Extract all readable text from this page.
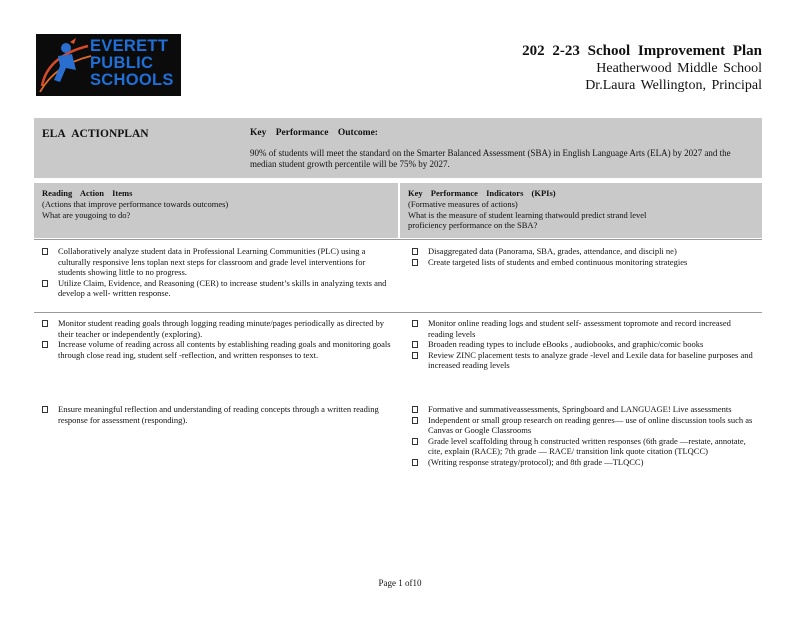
EVERETT
PUBLIC
SCHOOLS
202 2-23 School Improvement Plan
Heatherwood Middle School
Dr.Laura Wellington, Principal
ELA ACTIONPLAN	Key Performance Outcome:
90% of students will meet the standard on the Smarter Balanced Assessment (SBA) in English Language Arts (ELA) by 2027 and the median student growth percentile will be 75% by 2027.
Reading Action Items
(Actions that improve performance towards outcomes)
What are yougoing to do?
Key Performance Indicators (KPIs)
(Formative measures of actions)
What is the measure of student learning thatwould predict strand level
proficiency performance on the SBA?
Collaboratively analyze student data in Professional Learning Communities (PLC) using a culturally responsive lens toplan next steps for classroom and grade level interventions for students showing little to no progress.
Utilize Claim, Evidence, and Reasoning (CER) to increase student’s skills in analyzing texts and develop a well- written response.
Disaggregated data (Panorama, SBA, grades, attendance, and discipli ne)
Create targeted lists of students and embed continuous monitoring strategies
Monitor student reading goals through logging reading minute/pages periodically as directed by their teacher or independently (exploring).
Increase volume of reading across all contents by establishing reading goals and monitoring goals through close read ing, student self -reflection, and written responses to text.
Monitor online reading logs and student self- assessment topromote and record increased reading levels
Broaden reading types to include eBooks , audiobooks, and graphic/comic books
Review ZINC placement tests to analyze grade -level and Lexile data for baseline purposes and increased reading levels
Ensure meaningful reflection and understanding of reading concepts through a written reading response for assessment (responding).
Formative and summativeassessments, Springboard and LANGUAGE! Live assessments
Independent or small group research on reading genres— use of online discussion tools such as Canvas or Google Classrooms
Grade level scaffolding throug h constructed written responses (6th grade —restate, annotate, cite, explain (RACE); 7th grade — RACE/ transition link quote citation (TLQCC)
(Writing response strategy/protocol); and 8th grade —TLQCC)
Page 1 of10
